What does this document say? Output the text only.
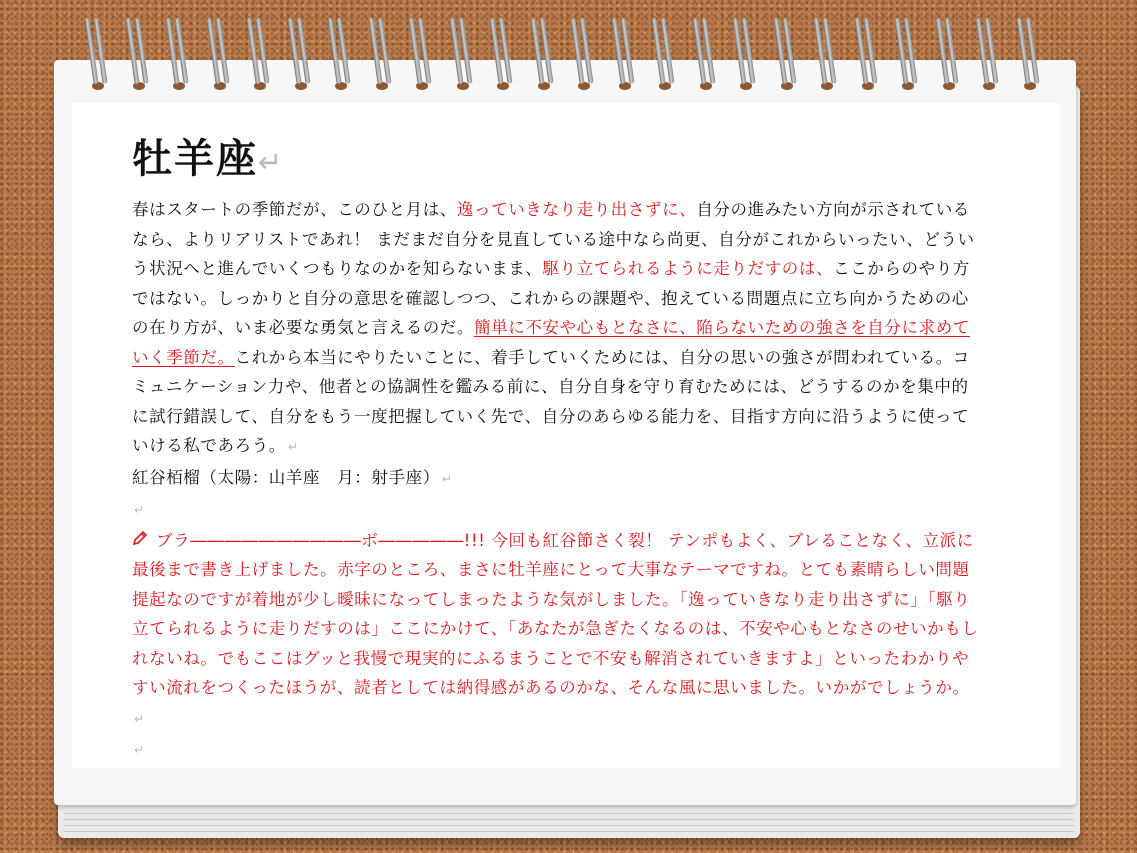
牡羊座↵
春はスタートの季節だが、このひと月は、逸っていきなり走り出さずに、自分の進みたい方向が示されているなら、よりリアリストであれ！ まだまだ自分を見直している途中なら尚更、自分がこれからいったい、どういう状況へと進んでいくつもりなのかを知らないまま、駆り立てられるように走りだすのは、ここからのやり方ではない。しっかりと自分の意思を確認しつつ、これからの課題や、抱えている問題点に立ち向かうための心の在り方が、いま必要な勇気と言えるのだ。簡単に不安や心もとなさに、陥らないための強さを自分に求めていく季節だ。これから本当にやりたいことに、着手していくためには、自分の思いの強さが問われている。コミュニケーション力や、他者との協調性を鑑みる前に、自分自身を守り育むためには、どうするのかを集中的に試行錯誤して、自分をもう一度把握していく先で、自分のあらゆる能力を、目指す方向に沿うように使っていける私であろう。 ↵
紅谷栢榴（太陽：山羊座　月：射手座） ↵
↵
ブラ――――――――――ボ―――――!!! 今回も紅谷節さく裂！ テンポもよく、ブレることなく、立派に最後まで書き上げました。赤字のところ、まさに牡羊座にとって大事なテーマですね。とても素晴らしい問題提起なのですが着地が少し曖昧になってしまったような気がしました。「逸っていきなり走り出さずに」「駆り立てられるように走りだすのは」ここにかけて、「あなたが急ぎたくなるのは、不安や心もとなさのせいかもしれないね。でもここはグッと我慢で現実的にふるまうことで不安も解消されていきますよ」といったわかりやすい流れをつくったほうが、読者としては納得感があるのかな、そんな風に思いました。いかがでしょうか。↵
↵
